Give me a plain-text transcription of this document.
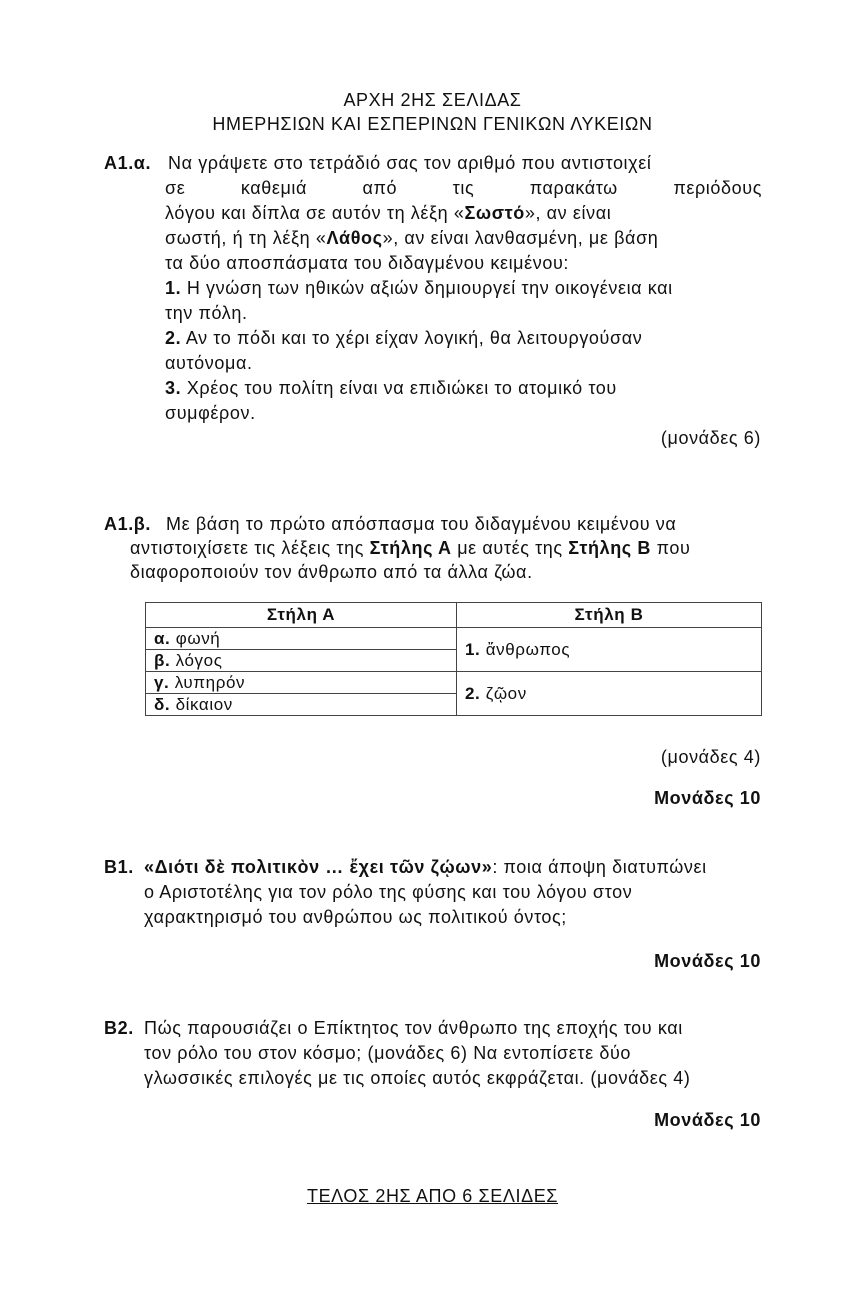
ΑΡΧΗ 2ΗΣ ΣΕΛΙΔΑΣ
ΗΜΕΡΗΣΙΩΝ ΚΑΙ ΕΣΠΕΡΙΝΩΝ ΓΕΝΙΚΩΝ ΛΥΚΕΙΩΝ
Α1.α. Να γράψετε στο τετράδιό σας τον αριθμό που αντιστοιχεί
σε	καθεμιά	από	τις	παρακάτω	περιόδους
λόγου και δίπλα σε αυτόν τη λέξη «Σωστό», αν είναι
σωστή, ή τη λέξη «Λάθος», αν είναι λανθασμένη, με βάση
τα δύο αποσπάσματα του διδαγμένου κειμένου:
1. Η γνώση των ηθικών αξιών δημιουργεί την οικογένεια και
την πόλη.
2. Αν το πόδι και το χέρι είχαν λογική, θα λειτουργούσαν
αυτόνομα.
3. Χρέος του πολίτη είναι να επιδιώκει το ατομικό του
συμφέρον.
(μονάδες 6)
Α1.β. Με βάση το πρώτο απόσπασμα του διδαγμένου κειμένου να
αντιστοιχίσετε τις λέξεις της Στήλης Α με αυτές της Στήλης Β που
διαφοροποιούν τον άνθρωπο από τα άλλα ζώα.
Στήλη Α	Στήλη Β
α. φωνή	1. ἄνθρωπος
β. λόγος	
γ. λυπηρόν	2. ζῷον
δ. δίκαιον	
(μονάδες 4)
Μονάδες 10
Β1. «Διότι δὲ πολιτικὸν … ἔχει τῶν ζῴων»: ποια άποψη διατυπώνει
ο Αριστοτέλης για τον ρόλο της φύσης και του λόγου στον
χαρακτηρισμό του ανθρώπου ως πολιτικού όντος;
Μονάδες 10
Β2. Πώς παρουσιάζει ο Επίκτητος τον άνθρωπο της εποχής του και
τον ρόλο του στον κόσμο; (μονάδες 6) Να εντοπίσετε δύο
γλωσσικές επιλογές με τις οποίες αυτός εκφράζεται. (μονάδες 4)
Μονάδες 10
ΤΕΛΟΣ 2ΗΣ ΑΠΟ 6 ΣΕΛΙΔΕΣ
